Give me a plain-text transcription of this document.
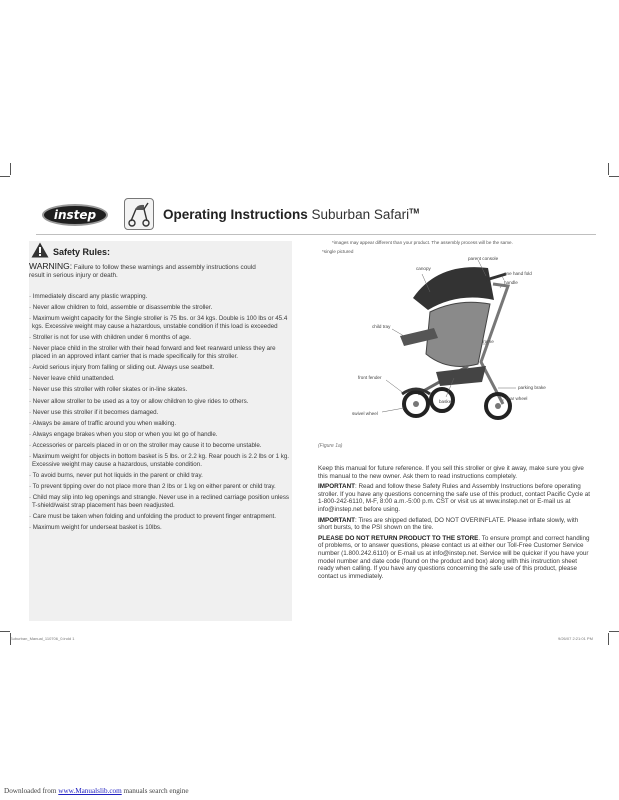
instep	Operating Instructions Suburban Safari™
Safety Rules:
WARNING: Failure to follow these warnings and assembly instructions could result in serious injury or death.
· Immediately discard any plastic wrapping.
· Never allow children to fold, assemble or disassemble the stroller.
· Maximum weight capacity for the Single stroller is 75 lbs. or 34 kgs. Double is 100 lbs or 45.4 kgs. Excessive weight may cause a hazardous, unstable condition if this load is exceeded
· Stroller is not for use with children under 6 months of age.
· Never place child in the stroller with their head forward and feet rearward unless they are placed in an approved infant carrier that is made specifically for this stroller.
· Avoid serious injury from falling or sliding out. Always use seatbelt.
· Never leave child unattended.
· Never use this stroller with roller skates or in-line skates.
· Never allow stroller to be used as a toy or allow children to give rides to others.
· Never use this stroller if it becomes damaged.
· Always be aware of traffic around you when walking.
· Always engage brakes when you stop or when you let go of handle.
· Accessories or parcels placed in or on the stroller may cause it to become unstable.
· Maximum weight for objects in bottom basket is 5 lbs. or 2.2 kg. Rear pouch is 2.2 lbs or 1 kg. Excessive weight may cause a hazardous, unstable condition.
· To avoid burns, never put hot liquids in the parent or child tray.
· To prevent tipping over do not place more than 2 lbs or 1 kg on either parent or child tray.
· Child may slip into leg openings and strangle. Never use in a reclined carriage position unless T-shield/waist strap placement has been readjusted.
· Care must be taken when folding and unfolding the product to prevent finger entrapment.
· Maximum weight for underseat basket is 10lbs.
*images may appear different than your product. The assembly process will be the same.
*single pictured
canopy
parent console
one hand fold
handle
child tray
frame
front fender
parking brake
basket
rear wheel
swivel wheel
(Figure 1a)

Keep this manual for future reference. If you sell this stroller or give it away, make sure you give this manual to the new owner. Ask them to read instructions completely.

IMPORTANT: Read and follow these Safety Rules and Assembly Instructions before operating stroller. If you have any questions concerning the safe use of this product, contact Pacific Cycle at 1-800-242-6110, M-F, 8:00 a.m.-5:00 p.m. CST or visit us at www.instep.net or E-mail us at info@instep.net before using.

IMPORTANT: Tires are shipped deflated, DO NOT OVERINFLATE. Please inflate slowly, with short bursts, to the PSI shown on the tire.

PLEASE DO NOT RETURN PRODUCT TO THE STORE. To ensure prompt and correct handling of problems, or to answer questions, please contact us at either our Toll-Free Customer Service number (1.800.242.6110) or E-mail us at info@instep.net. Service will be quicker if you have your model number and date code (found on the product and box) along with this instruction sheet ready when calling. If you have any questions concerning the safe use of this product, please contact us immediately.

Suburban_Manual_110706_0.indd 1	9/26/07 2:21:01 PM
Downloaded from www.Manualslib.com manuals search engine
